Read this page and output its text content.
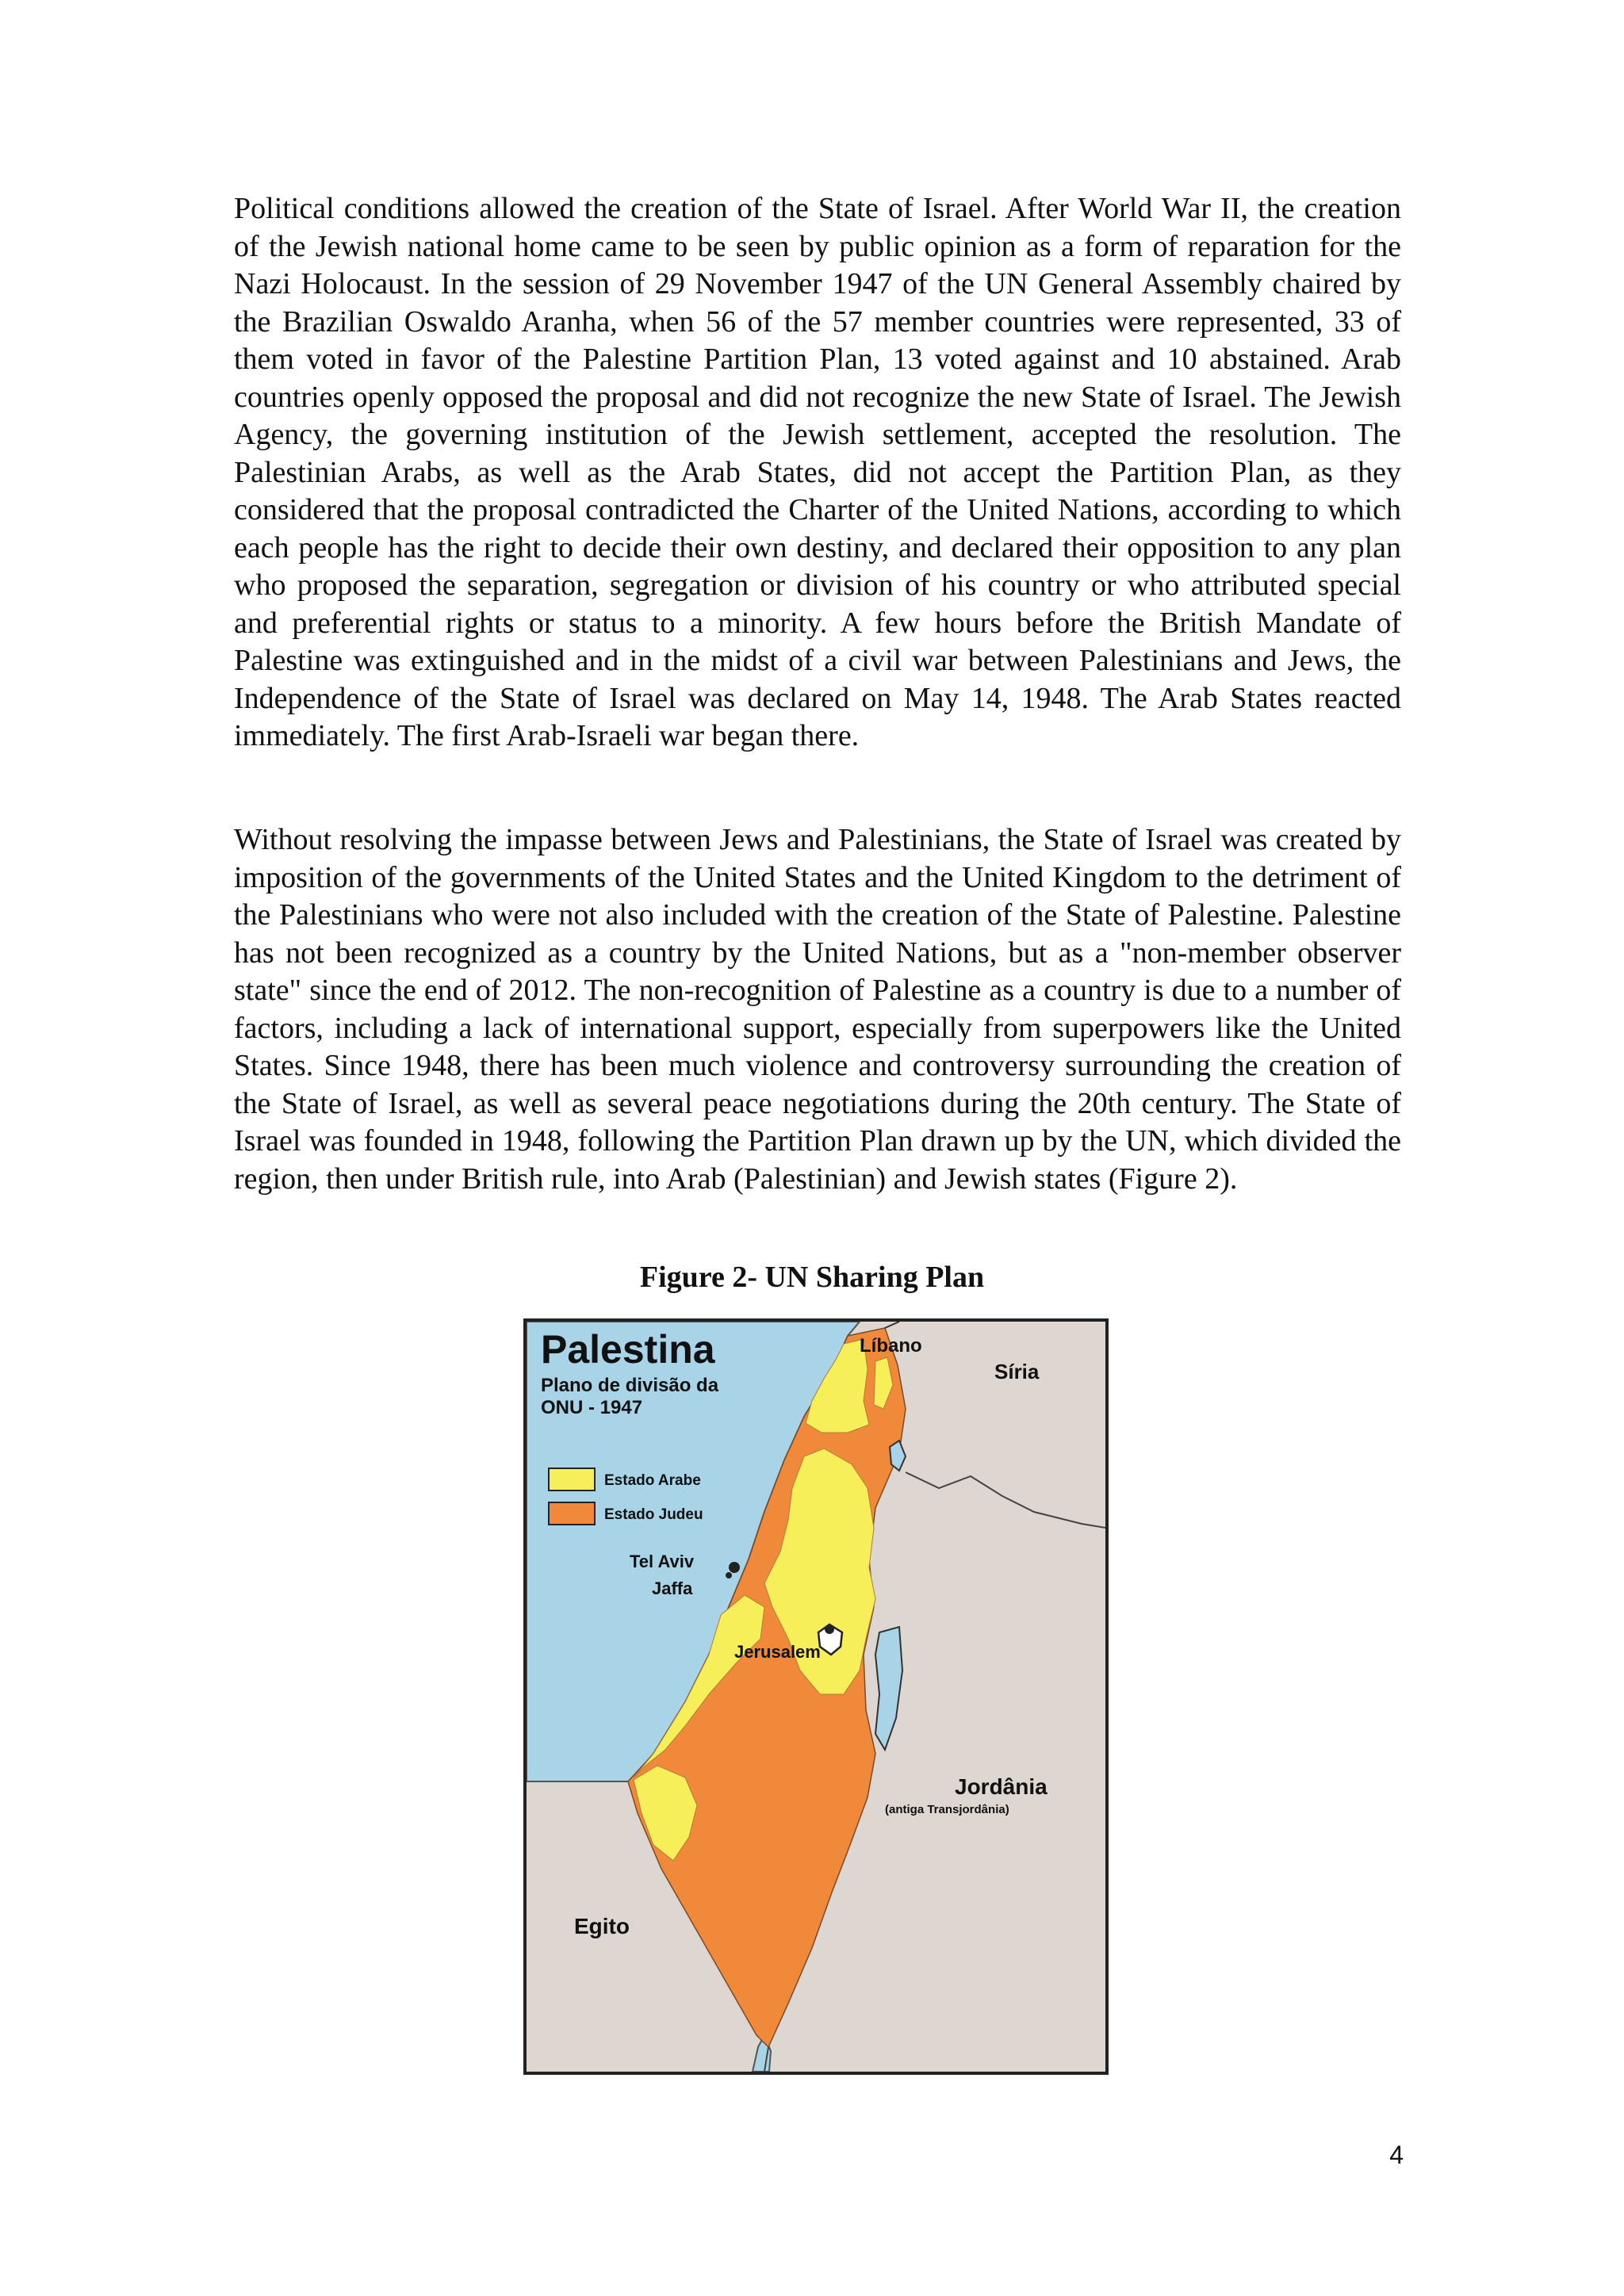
Political conditions allowed the creation of the State of Israel. After World War II, the creation of the Jewish national home came to be seen by public opinion as a form of reparation for the Nazi Holocaust. In the session of 29 November 1947 of the UN General Assembly chaired by the Brazilian Oswaldo Aranha, when 56 of the 57 member countries were represented, 33 of them voted in favor of the Palestine Partition Plan, 13 voted against and 10 abstained. Arab countries openly opposed the proposal and did not recognize the new State of Israel. The Jewish Agency, the governing institution of the Jewish settlement, accepted the resolution. The Palestinian Arabs, as well as the Arab States, did not accept the Partition Plan, as they considered that the proposal contradicted the Charter of the United Nations, according to which each people has the right to decide their own destiny, and declared their opposition to any plan who proposed the separation, segregation or division of his country or who attributed special and preferential rights or status to a minority. A few hours before the British Mandate of Palestine was extinguished and in the midst of a civil war between Palestinians and Jews, the Independence of the State of Israel was declared on May 14, 1948. The Arab States reacted immediately. The first Arab-Israeli war began there.

Without resolving the impasse between Jews and Palestinians, the State of Israel was created by imposition of the governments of the United States and the United Kingdom to the detriment of the Palestinians who were not also included with the creation of the State of Palestine. Palestine has not been recognized as a country by the United Nations, but as a "non-member observer state" since the end of 2012. The non-recognition of Palestine as a country is due to a number of factors, including a lack of international support, especially from superpowers like the United States. Since 1948, there has been much violence and controversy surrounding the creation of the State of Israel, as well as several peace negotiations during the 20th century. The State of Israel was founded in 1948, following the Partition Plan drawn up by the UN, which divided the region, then under British rule, into Arab (Palestinian) and Jewish states (Figure 2).

Figure 2- UN Sharing Plan
Palestina
Plano de divisão da
ONU - 1947
Estado Arabe
Estado Judeu
Líbano
Síria
Tel Aviv
Jaffa
Jerusalem
Jordânia
(antiga Transjordânia)
Egito
4
